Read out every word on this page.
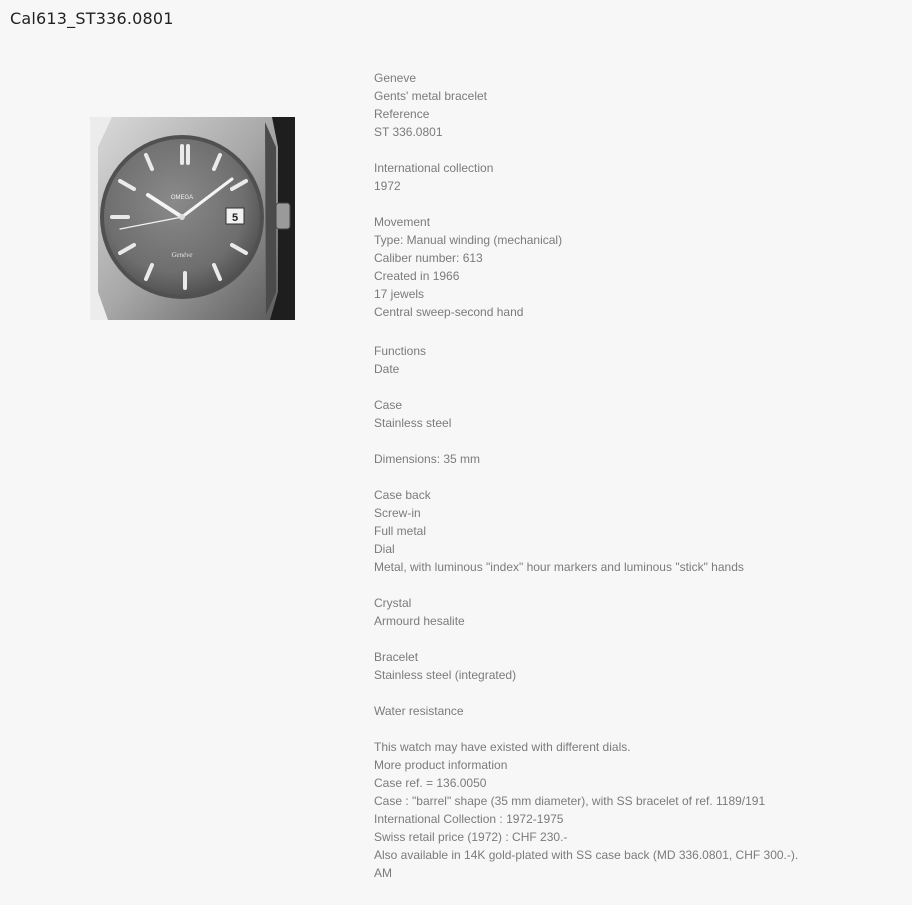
Cal613_ST336.0801
5
OMEGA
Genève
Geneve
Gents' metal bracelet
Reference
ST 336.0801
International collection
1972
Movement
Type: Manual winding (mechanical)
Caliber number: 613
Created in 1966
17 jewels
Central sweep-second hand
Functions
Date
Case
Stainless steel
Dimensions: 35 mm
Case back
Screw-in
Full metal
Dial
Metal, with luminous "index" hour markers and luminous "stick" hands
Crystal
Armourd hesalite
Bracelet
Stainless steel (integrated)
Water resistance
This watch may have existed with different dials.
More product information
Case ref. = 136.0050
Case : "barrel" shape (35 mm diameter), with SS bracelet of ref. 1189/191
International Collection : 1972-1975
Swiss retail price (1972) : CHF 230.-
Also available in 14K gold-plated with SS case back (MD 336.0801, CHF 300.-).
AM
